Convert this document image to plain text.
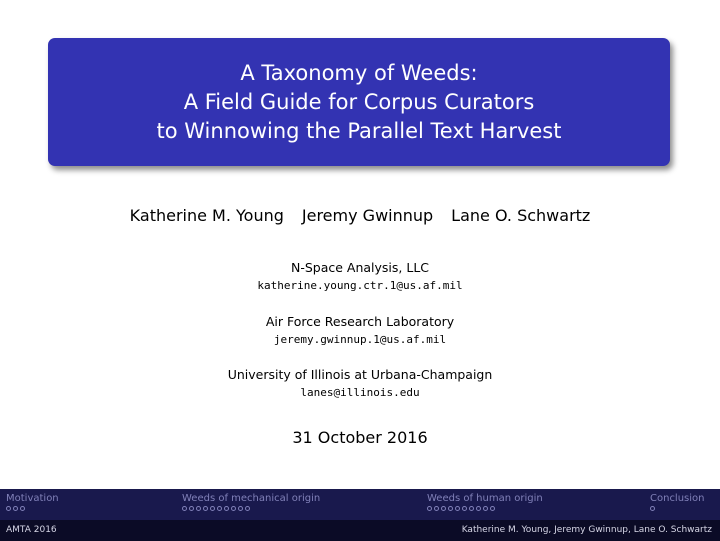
A Taxonomy of Weeds:
A Field Guide for Corpus Curators
to Winnowing the Parallel Text Harvest
Katherine M. Young Jeremy Gwinnup Lane O. Schwartz
N-Space Analysis, LLC
katherine.young.ctr.1@us.af.mil
Air Force Research Laboratory
jeremy.gwinnup.1@us.af.mil
University of Illinois at Urbana-Champaign
lanes@illinois.edu
31 October 2016
Motivation	Weeds of mechanical origin	Weeds of human origin	Conclusion
AMTA 2016	Katherine M. Young, Jeremy Gwinnup, Lane O. Schwartz
